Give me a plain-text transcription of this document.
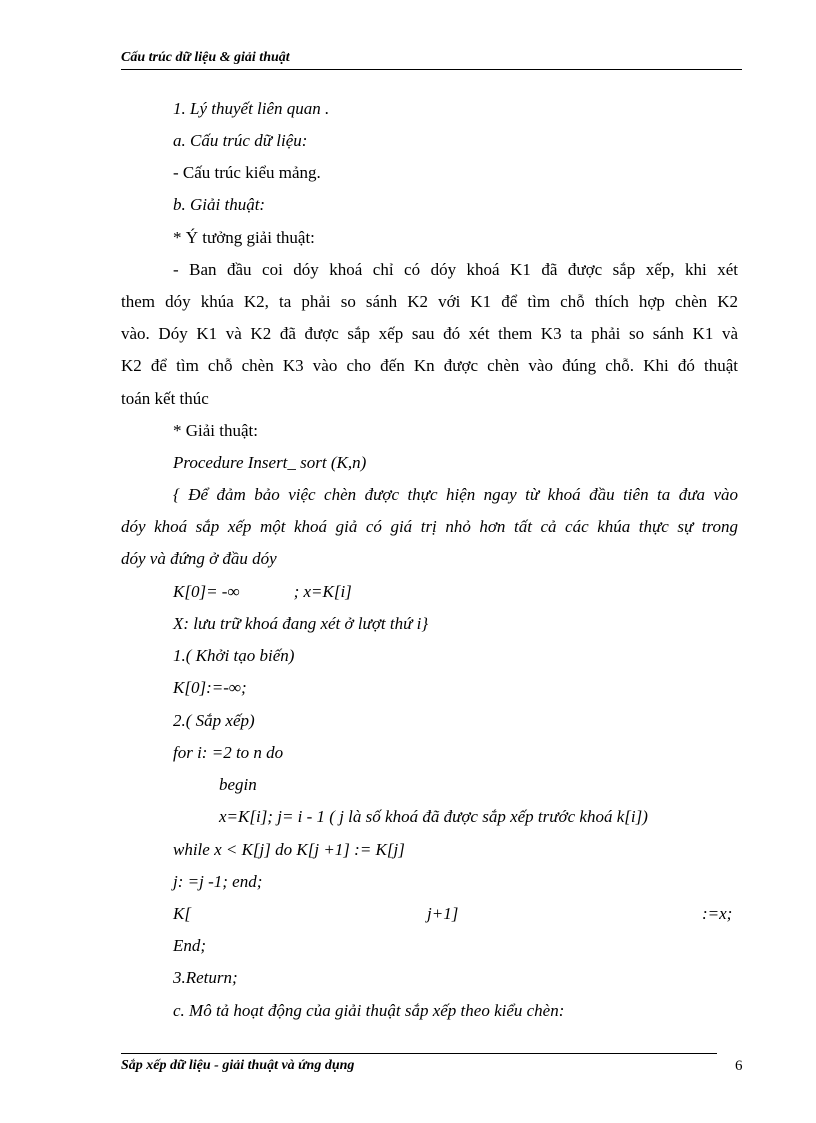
Cấu trúc dữ liệu & giải thuật
1. Lý thuyết liên quan .
a. Cấu trúc dữ liệu:
- Cấu trúc kiểu mảng.
b. Giải thuật:
* Ý tưởng giải thuật:
- Ban đầu coi dóy khoá chỉ có dóy khoá K1 đã được sắp xếp, khi xét
them dóy khúa K2, ta phải so sánh K2 với K1 để tìm chỗ thích hợp chèn K2
vào. Dóy K1 và K2 đã được sắp xếp sau đó xét them K3 ta phải so sánh K1 và
K2 để tìm chỗ chèn K3 vào cho đến Kn được chèn vào đúng chỗ. Khi đó thuật
toán kết thúc
* Giải thuật:
Procedure Insert_ sort (K,n)
{ Để đảm bảo việc chèn được thực hiện ngay từ khoá đầu tiên ta đưa vào
dóy khoá sắp xếp một khoá giả có giá trị nhỏ hơn tất cả các khúa thực sự trong
dóy và đứng ở đầu dóy
K[0]= -∞	; x=K[i]
X: lưu trữ khoá đang xét ở lượt thứ i}
1.( Khởi tạo biến)
K[0]:=-∞;
2.( Sắp xếp)
for i: =2 to n do
begin
x=K[i]; j= i - 1 ( j là số khoá đã được sắp xếp trước khoá k[i])
while x < K[j] do K[j +1] := K[j]
j: =j -1; end;
K[	j+1]	:=x;
End;
3.Return;
c. Mô tả hoạt động của giải thuật sắp xếp theo kiểu chèn:
Sắp xếp dữ liệu - giải thuật và ứng dụng	6
